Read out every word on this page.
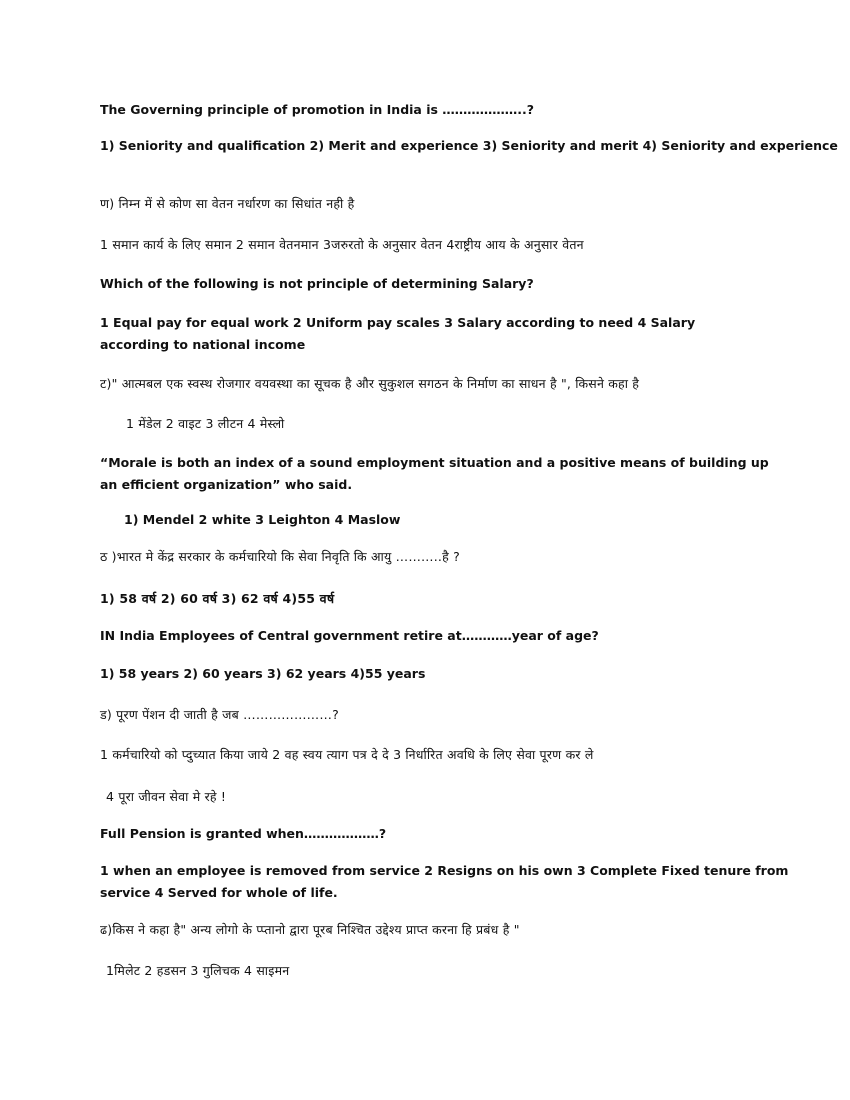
The Governing principle of promotion in India is ………………..?
1) Seniority and qualification 2) Merit and experience 3) Seniority and merit 4) Seniority and experience
ण) निम्न में से कोण सा वेतन नर्धारण का सिधांत नही है
1 समान कार्य के लिए समान 2 समान वेतनमान 3जरुरतो के अनुसार वेतन 4राष्ट्रीय आय के अनुसार वेतन
Which of the following is not principle of determining Salary?
1 Equal pay for equal work 2 Uniform pay scales 3 Salary according to need 4 Salary according to national income
ट)" आत्मबल एक स्वस्थ रोजगार वयवस्था का सूचक है और सुकुशल सगठन के निर्माण का साधन है ", किसने कहा है
1 मेंडेल 2 वाइट 3 लीटन 4 मेस्लो
“Morale is both an index of a sound employment situation and a positive means of building up an efficient organization” who said.
1) Mendel 2 white 3 Leighton 4 Maslow
ठ )भारत मे केंद्र सरकार के कर्मचारियो कि सेवा निवृति कि आयु ………..है ?
1) 58 वर्ष 2) 60 वर्ष 3) 62 वर्ष 4)55 वर्ष
IN India Employees of Central government retire at…………year of age?
1) 58 years 2) 60 years 3) 62 years 4)55 years
ड) पूरण पेंशन दी जाती है जब …………………?
1 कर्मचारियो को प्दुच्यात किया जाये 2 वह स्वय त्याग पत्र दे दे 3 निर्धारित अवधि के लिए सेवा पूरण कर ले
4 पूरा जीवन सेवा मे रहे !
Full Pension is granted when………………?
1 when an employee is removed from service 2 Resigns on his own 3 Complete Fixed tenure from service 4 Served for whole of life.
ढ)किस ने कहा है" अन्य लोगो के प्प्तानो द्वारा पूरब निश्चित उद्देश्य प्राप्त करना हि प्रबंध है "
1मिलेट 2 हडसन 3 गुलिचक 4 साइमन
